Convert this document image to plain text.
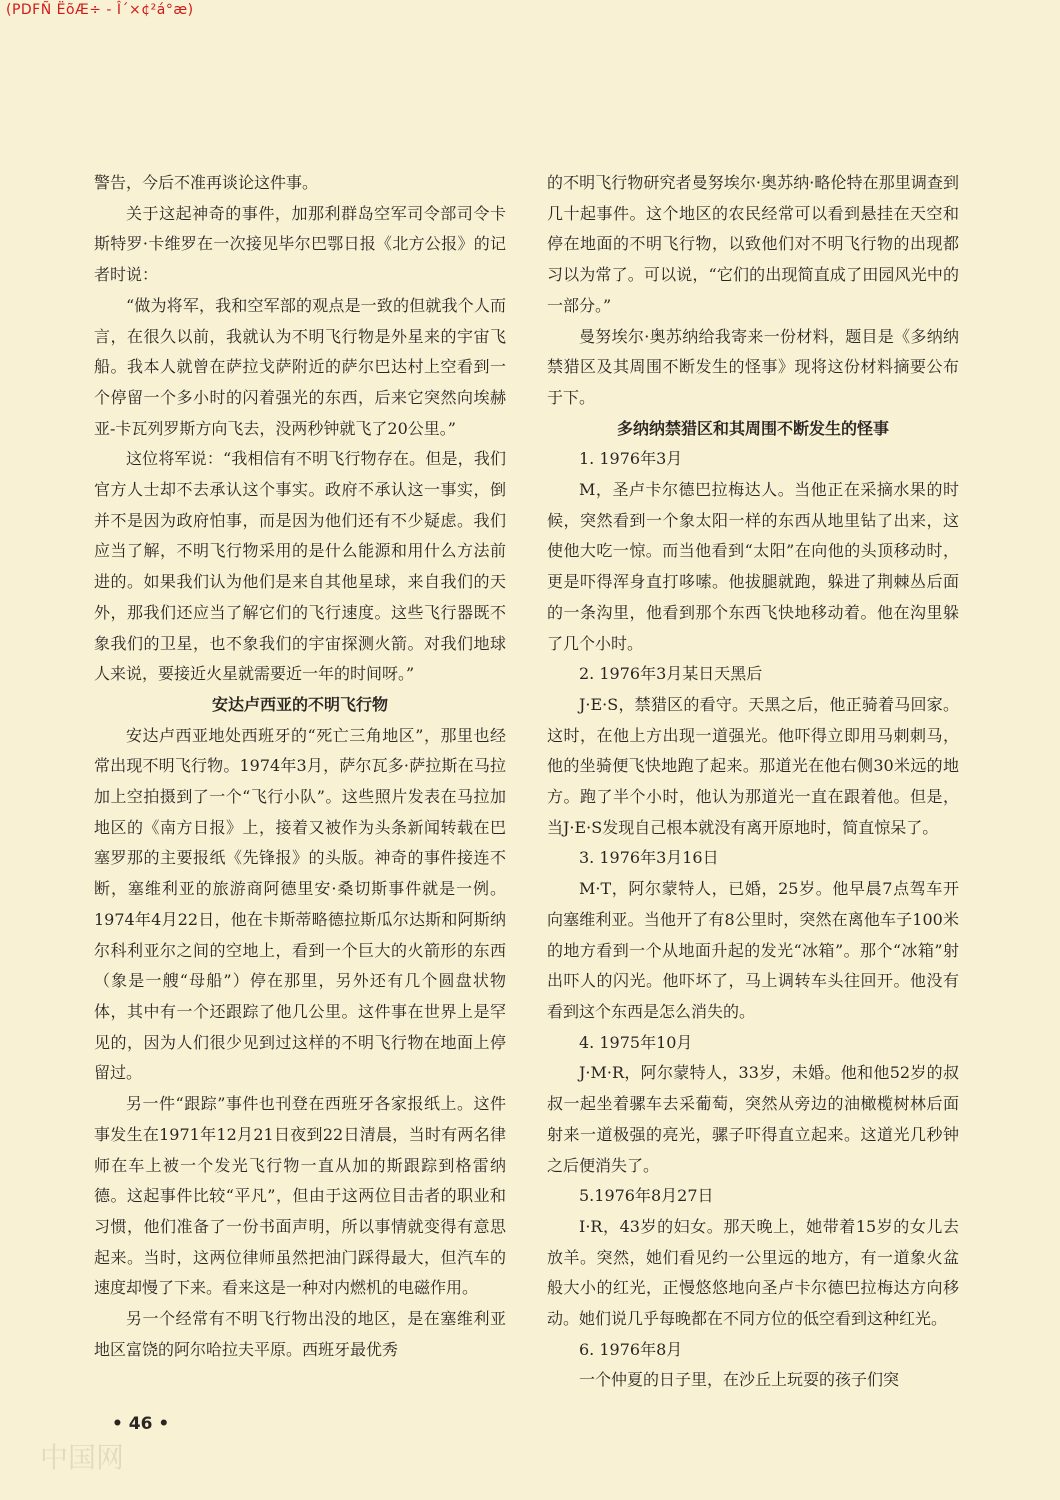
(PDFÑ ËõÆ÷ - Î´×¢²á°æ)

警告，今后不准再谈论这件事。

关于这起神奇的事件，加那利群岛空军司令部司令卡斯特罗·卡维罗在一次接见毕尔巴鄂日报《北方公报》的记者时说：

“做为将军，我和空军部的观点是一致的但就我个人而言，在很久以前，我就认为不明飞行物是外星来的宇宙飞船。我本人就曾在萨拉戈萨附近的萨尔巴达村上空看到一个停留一个多小时的闪着强光的东西，后来它突然向埃赫亚-卡瓦列罗斯方向飞去，没两秒钟就飞了20公里。”

这位将军说：“我相信有不明飞行物存在。但是，我们官方人士却不去承认这个事实。政府不承认这一事实，倒并不是因为政府怕事，而是因为他们还有不少疑虑。我们应当了解，不明飞行物采用的是什么能源和用什么方法前进的。如果我们认为他们是来自其他星球，来自我们的天外，那我们还应当了解它们的飞行速度。这些飞行器既不象我们的卫星，也不象我们的宇宙探测火箭。对我们地球人来说，要接近火星就需要近一年的时间呀。”

安达卢西亚的不明飞行物

安达卢西亚地处西班牙的“死亡三角地区”，那里也经常出现不明飞行物。1974年3月，萨尔瓦多·萨拉斯在马拉加上空拍摄到了一个“飞行小队”。这些照片发表在马拉加地区的《南方日报》上，接着又被作为头条新闻转载在巴塞罗那的主要报纸《先锋报》的头版。神奇的事件接连不断，塞维利亚的旅游商阿德里安·桑切斯事件就是一例。1974年4月22日，他在卡斯蒂略德拉斯瓜尔达斯和阿斯纳尔科利亚尔之间的空地上，看到一个巨大的火箭形的东西（象是一艘“母船”）停在那里，另外还有几个圆盘状物体，其中有一个还跟踪了他几公里。这件事在世界上是罕见的，因为人们很少见到过这样的不明飞行物在地面上停留过。

另一件“跟踪”事件也刊登在西班牙各家报纸上。这件事发生在1971年12月21日夜到22日清晨，当时有两名律师在车上被一个发光飞行物一直从加的斯跟踪到格雷纳德。这起事件比较“平凡”，但由于这两位目击者的职业和习惯，他们准备了一份书面声明，所以事情就变得有意思起来。当时，这两位律师虽然把油门踩得最大，但汽车的速度却慢了下来。看来这是一种对内燃机的电磁作用。

另一个经常有不明飞行物出没的地区，是在塞维利亚地区富饶的阿尔哈拉夫平原。西班牙最优秀

的不明飞行物研究者曼努埃尔·奥苏纳·略伦特在那里调查到几十起事件。这个地区的农民经常可以看到悬挂在天空和停在地面的不明飞行物，以致他们对不明飞行物的出现都习以为常了。可以说，“它们的出现简直成了田园风光中的一部分。”

曼努埃尔·奥苏纳给我寄来一份材料，题目是《多纳纳禁猎区及其周围不断发生的怪事》现将这份材料摘要公布于下。

多纳纳禁猎区和其周围不断发生的怪事

1. 1976年3月

M，圣卢卡尔德巴拉梅达人。当他正在采摘水果的时候，突然看到一个象太阳一样的东西从地里钻了出来，这使他大吃一惊。而当他看到“太阳”在向他的头顶移动时，更是吓得浑身直打哆嗦。他拔腿就跑，躲进了荆棘丛后面的一条沟里，他看到那个东西飞快地移动着。他在沟里躲了几个小时。

2. 1976年3月某日天黑后

J·E·S，禁猎区的看守。天黑之后，他正骑着马回家。这时，在他上方出现一道强光。他吓得立即用马刺刺马，他的坐骑便飞快地跑了起来。那道光在他右侧30米远的地方。跑了半个小时，他认为那道光一直在跟着他。但是，当J·E·S发现自己根本就没有离开原地时，简直惊呆了。

3. 1976年3月16日

M·T，阿尔蒙特人，已婚，25岁。他早晨7点驾车开向塞维利亚。当他开了有8公里时，突然在离他车子100米的地方看到一个从地面升起的发光“冰箱”。那个“冰箱”射出吓人的闪光。他吓坏了，马上调转车头往回开。他没有看到这个东西是怎么消失的。

4. 1975年10月

J·M·R，阿尔蒙特人，33岁，未婚。他和他52岁的叔叔一起坐着骡车去采葡萄，突然从旁边的油橄榄树林后面射来一道极强的亮光，骡子吓得直立起来。这道光几秒钟之后便消失了。

5.1976年8月27日

I·R，43岁的妇女。那天晚上，她带着15岁的女儿去放羊。突然，她们看见约一公里远的地方，有一道象火盆般大小的红光，正慢悠悠地向圣卢卡尔德巴拉梅达方向移动。她们说几乎每晚都在不同方位的低空看到这种红光。

6. 1976年8月

一个仲夏的日子里，在沙丘上玩耍的孩子们突

• 46 •
中国网
